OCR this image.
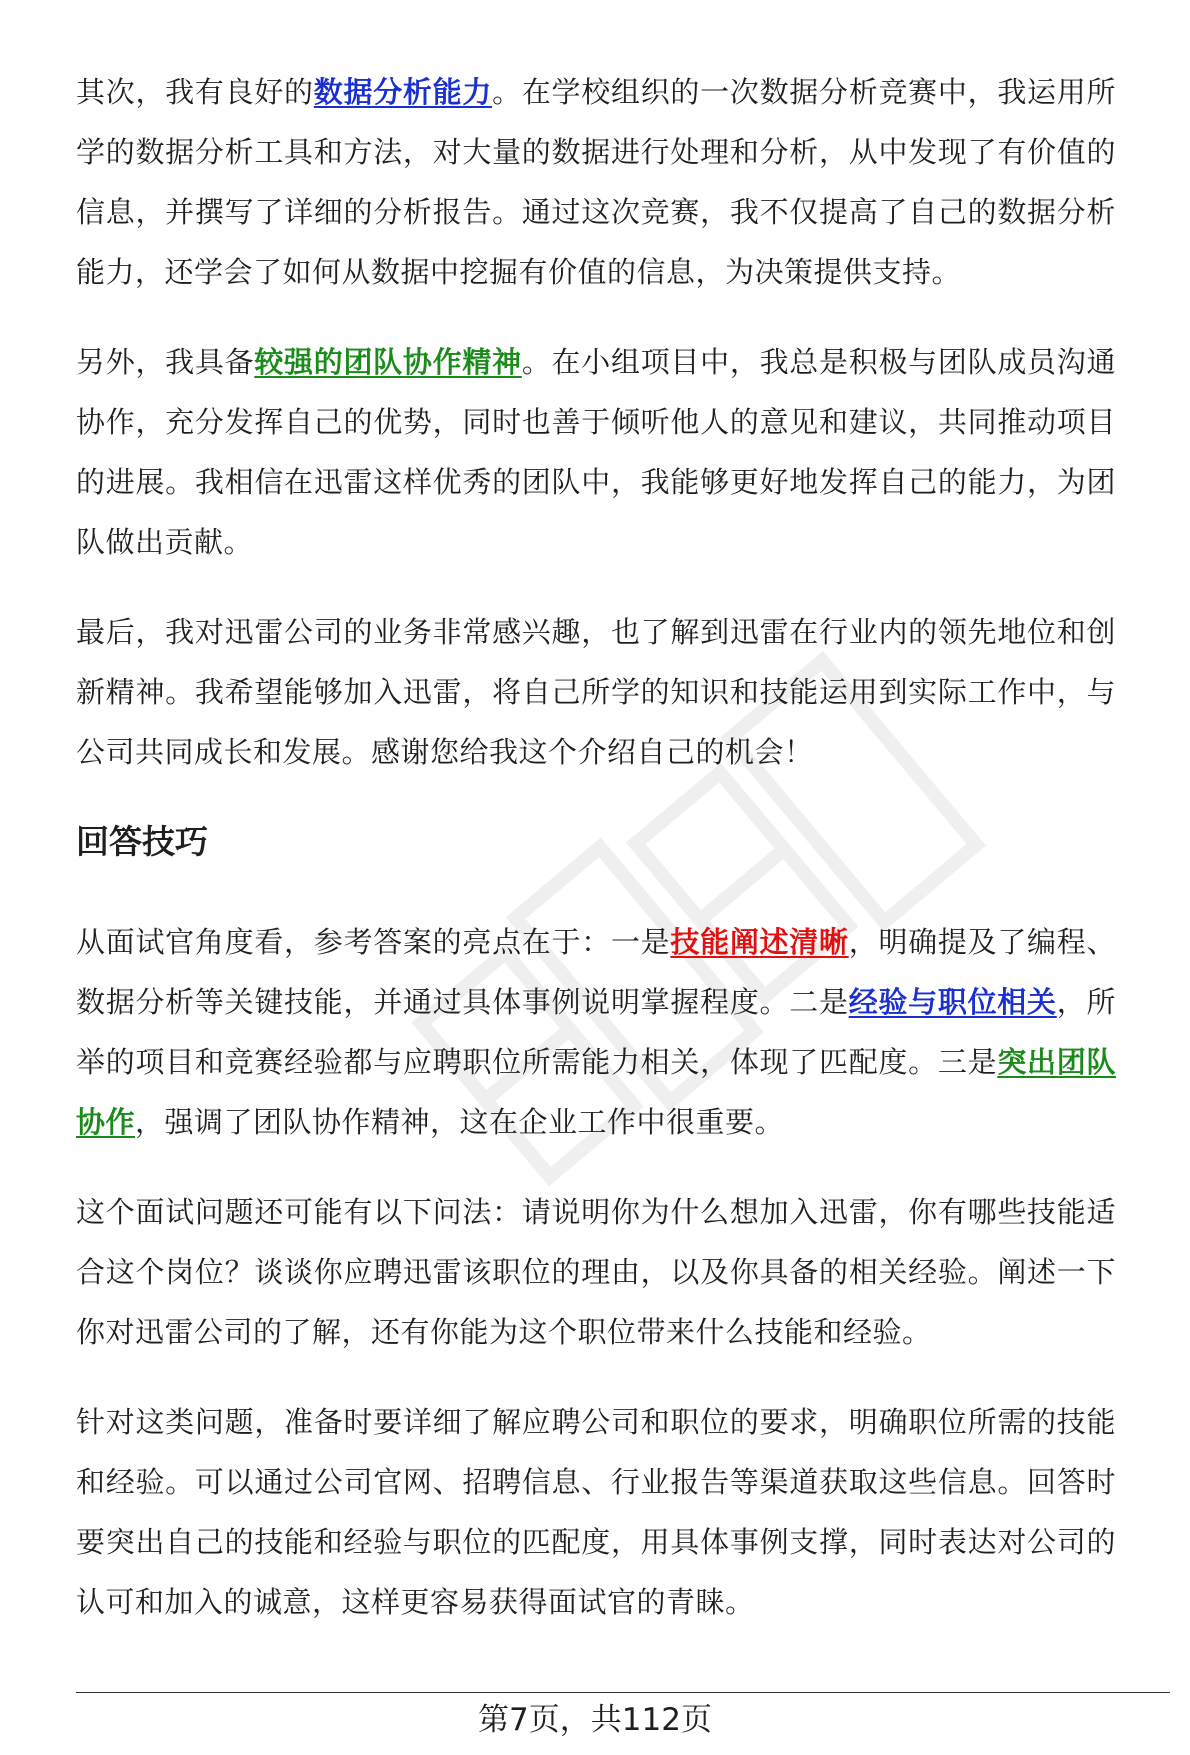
其次，我有良好的数据分析能力。在学校组织的一次数据分析竞赛中，我运用所学的数据分析工具和方法，对大量的数据进行处理和分析，从中发现了有价值的信息，并撰写了详细的分析报告。通过这次竞赛，我不仅提高了自己的数据分析能力，还学会了如何从数据中挖掘有价值的信息，为决策提供支持。

另外，我具备较强的团队协作精神。在小组项目中，我总是积极与团队成员沟通协作，充分发挥自己的优势，同时也善于倾听他人的意见和建议，共同推动项目的进展。我相信在迅雷这样优秀的团队中，我能够更好地发挥自己的能力，为团队做出贡献。

最后，我对迅雷公司的业务非常感兴趣，也了解到迅雷在行业内的领先地位和创新精神。我希望能够加入迅雷，将自己所学的知识和技能运用到实际工作中，与公司共同成长和发展。感谢您给我这个介绍自己的机会！

回答技巧

从面试官角度看，参考答案的亮点在于：一是技能阐述清晰，明确提及了编程、数据分析等关键技能，并通过具体事例说明掌握程度。二是经验与职位相关，所举的项目和竞赛经验都与应聘职位所需能力相关，体现了匹配度。三是突出团队协作，强调了团队协作精神，这在企业工作中很重要。

这个面试问题还可能有以下问法：请说明你为什么想加入迅雷，你有哪些技能适合这个岗位？谈谈你应聘迅雷该职位的理由，以及你具备的相关经验。阐述一下你对迅雷公司的了解，还有你能为这个职位带来什么技能和经验。

针对这类问题，准备时要详细了解应聘公司和职位的要求，明确职位所需的技能和经验。可以通过公司官网、招聘信息、行业报告等渠道获取这些信息。回答时要突出自己的技能和经验与职位的匹配度，用具体事例支撑，同时表达对公司的认可和加入的诚意，这样更容易获得面试官的青睐。

第7页，共112页
